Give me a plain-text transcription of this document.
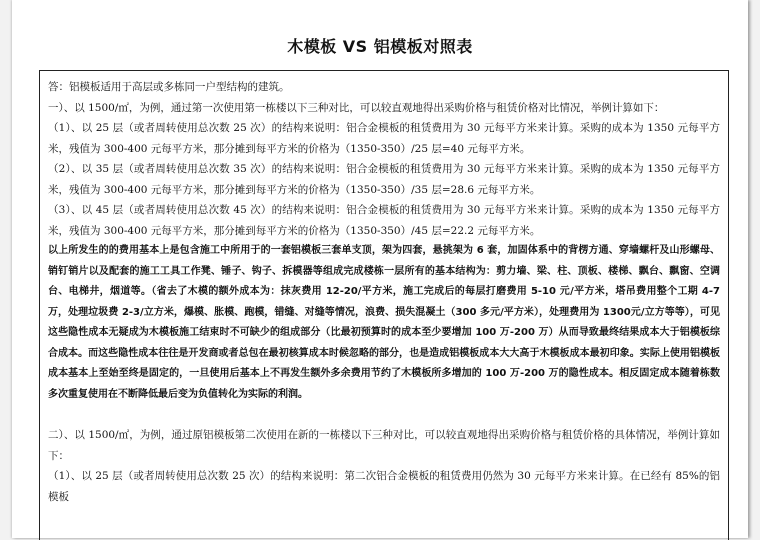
木模板 VS 铝模板对照表

答：铝模板适用于高层或多栋同一户型结构的建筑。

一）、以 1500/㎡，为例，通过第一次使用第一栋楼以下三种对比，可以较直观地得出采购价格与租赁价格对比情况，举例计算如下：

（1）、以 25 层（或者周转使用总次数 25 次）的结构来说明：铝合金模板的租赁费用为 30 元每平方米来计算。采购的成本为 1350 元每平方米，残值为 300-400 元每平方米，那分摊到每平方米的价格为（1350-350）/25 层=40 元每平方米。

（2）、以 35 层（或者周转使用总次数 35 次）的结构来说明：铝合金模板的租赁费用为 30 元每平方米来计算。采购的成本为 1350 元每平方米，残值为 300-400 元每平方米，那分摊到每平方米的价格为（1350-350）/35 层=28.6 元每平方米。

（3）、以 45 层（或者周转使用总次数 45 次）的结构来说明：铝合金模板的租赁费用为 30 元每平方米来计算。采购的成本为 1350 元每平方米，残值为 300-400 元每平方米，那分摊到每平方米的价格为（1350-350）/45 层=22.2 元每平方米。

以上所发生的的费用基本上是包含施工中所用于的一套铝模板三套单支顶，架为四套，悬挑架为 6 套，加固体系中的背楞方通、穿墙螺杆及山形螺母、销钉销片以及配套的施工工具工作凳、锤子、钩子、拆模器等组成完成楼栋一层所有的基本结构为：剪力墙、梁、柱、顶板、楼梯、飘台、飘窗、空调台、电梯井，烟道等。（省去了木模的额外成本为：抹灰费用 12-20/平方米，施工完成后的每层打磨费用 5-10 元/平方米，塔吊费用整个工期 4-7 万，处理垃圾费 2-3/立方米，爆模、胀模、跑模，错缝、对缝等情况，浪费、损失混凝土（300 多元/平方米），处理费用为 1300元/立方等等），可见这些隐性成本无疑成为木模板施工结束时不可缺少的组成部分（比最初预算时的成本至少要增加 100 万-200 万）从而导致最终结果成本大于铝模板综合成本。而这些隐性成本往往是开发商或者总包在最初核算成本时候忽略的部分，也是造成铝模板成本大大高于木模板成本最初印象。实际上使用铝模板成本基本上至始至终是固定的，一旦使用后基本上不再发生额外多余费用节约了木模板所多增加的 100 万-200 万的隐性成本。相反固定成本随着栋数多次重复使用在不断降低最后变为负值转化为实际的利润。

二）、以 1500/㎡，为例，通过原铝模板第二次使用在新的一栋楼以下三种对比，可以较直观地得出采购价格与租赁价格的具体情况，举例计算如下：

（1）、以 25 层（或者周转使用总次数 25 次）的结构来说明：第二次铝合金模板的租赁费用仍然为 30 元每平方米来计算。在已经有 85%的铝模板
